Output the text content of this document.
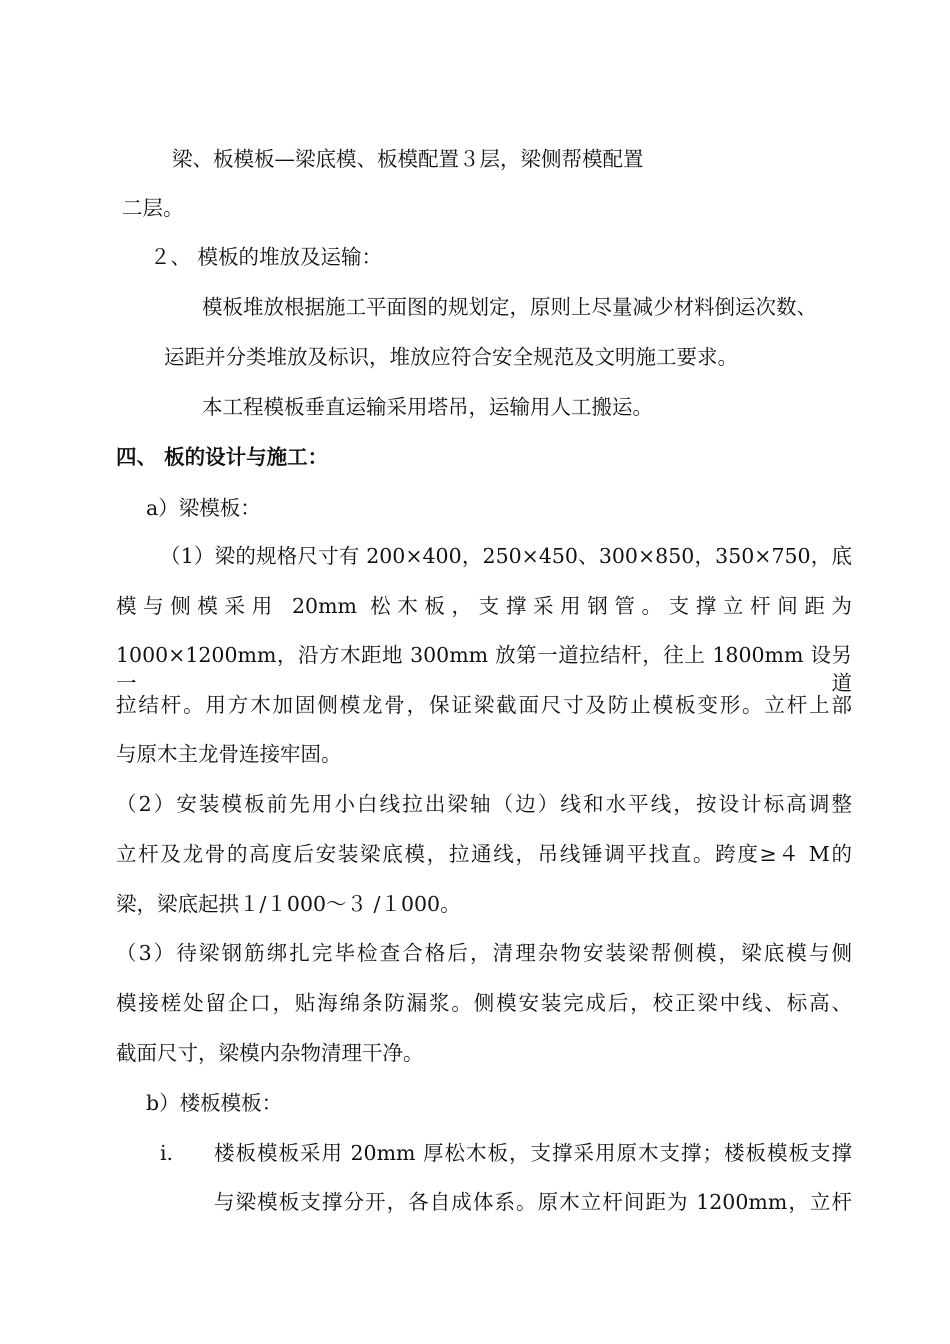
梁、板模板—梁底模、板模配置３层，梁侧帮模配置

二层。

２、 模板的堆放及运输：

模板堆放根据施工平面图的规划定，原则上尽量减少材料倒运次数、

运距并分类堆放及标识，堆放应符合安全规范及文明施工要求。

本工程模板垂直运输采用塔吊，运输用人工搬运。

四、 板的设计与施工：

a）梁模板：

（1）梁的规格尺寸有 200×400，250×450、300×850，350×750，底

模与侧模采用 20mm 松木板，支撑采用钢管。支撑立杆间距为

1000×1200mm，沿方木距地 300mm 放第一道拉结杆，往上 1800mm 设另一道

拉结杆。用方木加固侧模龙骨，保证梁截面尺寸及防止模板变形。立杆上部

与原木主龙骨连接牢固。

（2）安装模板前先用小白线拉出梁轴（边）线和水平线，按设计标高调整

立杆及龙骨的高度后安装梁底模，拉通线，吊线锤调平找直。跨度≥４ M的

梁，梁底起拱１/１000～３ /１000。

（3）待梁钢筋绑扎完毕检查合格后，清理杂物安装梁帮侧模，梁底模与侧

模接槎处留企口，贴海绵条防漏浆。侧模安装完成后，校正梁中线、标高、

截面尺寸，梁模内杂物清理干净。

b）楼板模板：

i. 楼板模板采用 20mm 厚松木板，支撑采用原木支撑；楼板模板支撑

与梁模板支撑分开，各自成体系。原木立杆间距为 1200mm，立杆
